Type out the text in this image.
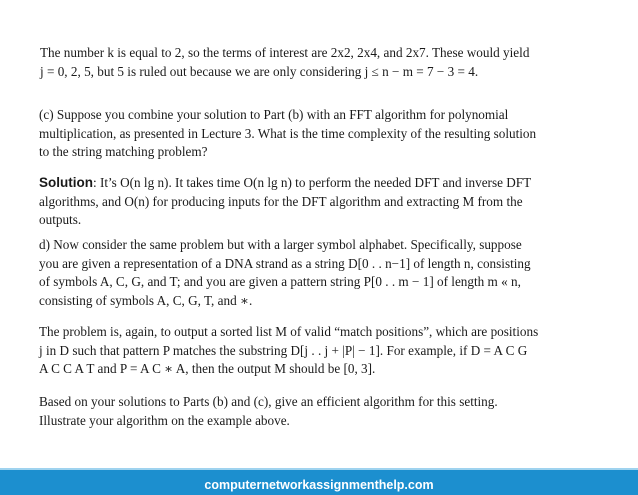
The number k is equal to 2, so the terms of interest are 2x2, 2x4, and 2x7. These would yield
j = 0, 2, 5, but 5 is ruled out because we are only considering j ≤ n − m = 7 − 3 = 4.

(c) Suppose you combine your solution to Part (b) with an FFT algorithm for polynomial
multiplication, as presented in Lecture 3. What is the time complexity of the resulting solution
to the string matching problem?

Solution: It’s O(n lg n). It takes time O(n lg n) to perform the needed DFT and inverse DFT
algorithms, and O(n) for producing inputs for the DFT algorithm and extracting M from the
outputs.

d) Now consider the same problem but with a larger symbol alphabet. Specifically, suppose
you are given a representation of a DNA strand as a string D[0 . . n−1] of length n, consisting
of symbols A, C, G, and T; and you are given a pattern string P[0 . . m − 1] of length m « n,
consisting of symbols A, C, G, T, and ∗.

The problem is, again, to output a sorted list M of valid “match positions”, which are positions
j in D such that pattern P matches the substring D[j . . j + |P| − 1]. For example, if D = A C G
A C C A T and P = A C ∗ A, then the output M should be [0, 3].

Based on your solutions to Parts (b) and (c), give an efficient algorithm for this setting.
Illustrate your algorithm on the example above.

computernetworkassignmenthelp.com
